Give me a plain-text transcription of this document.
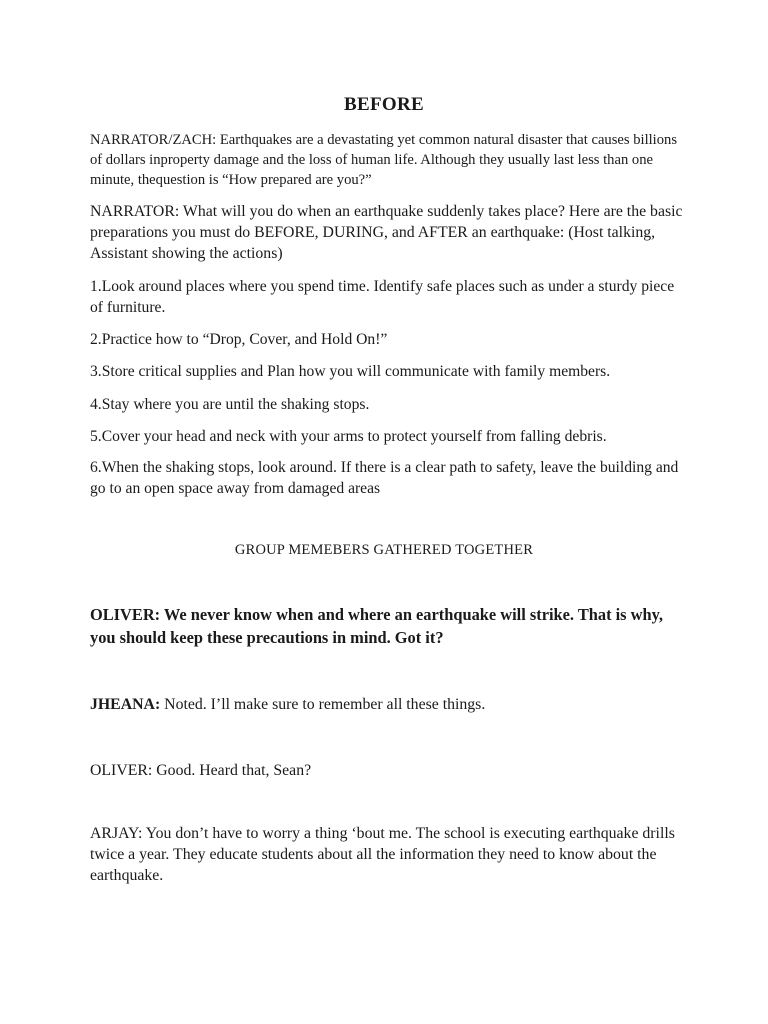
BEFORE

NARRATOR/ZACH: Earthquakes are a devastating yet common natural disaster that causes billions of dollars inproperty damage and the loss of human life. Although they usually last less than one minute, thequestion is “How prepared are you?”

NARRATOR: What will you do when an earthquake suddenly takes place? Here are the basic preparations you must do BEFORE, DURING, and AFTER an earthquake: (Host talking, Assistant showing the actions)

1.Look around places where you spend time. Identify safe places such as under a sturdy piece of furniture.

2.Practice how to “Drop, Cover, and Hold On!”

3.Store critical supplies and Plan how you will communicate with family members.

4.Stay where you are until the shaking stops.

5.Cover your head and neck with your arms to protect yourself from falling debris.

6.When the shaking stops, look around. If there is a clear path to safety, leave the building and go to an open space away from damaged areas

GROUP MEMEBERS GATHERED TOGETHER

OLIVER: We never know when and where an earthquake will strike. That is why, you should keep these precautions in mind. Got it?

JHEANA: Noted. I’ll make sure to remember all these things.

OLIVER: Good. Heard that, Sean?

ARJAY: You don’t have to worry a thing ‘bout me. The school is executing earthquake drills twice a year. They educate students about all the information they need to know about the earthquake.
